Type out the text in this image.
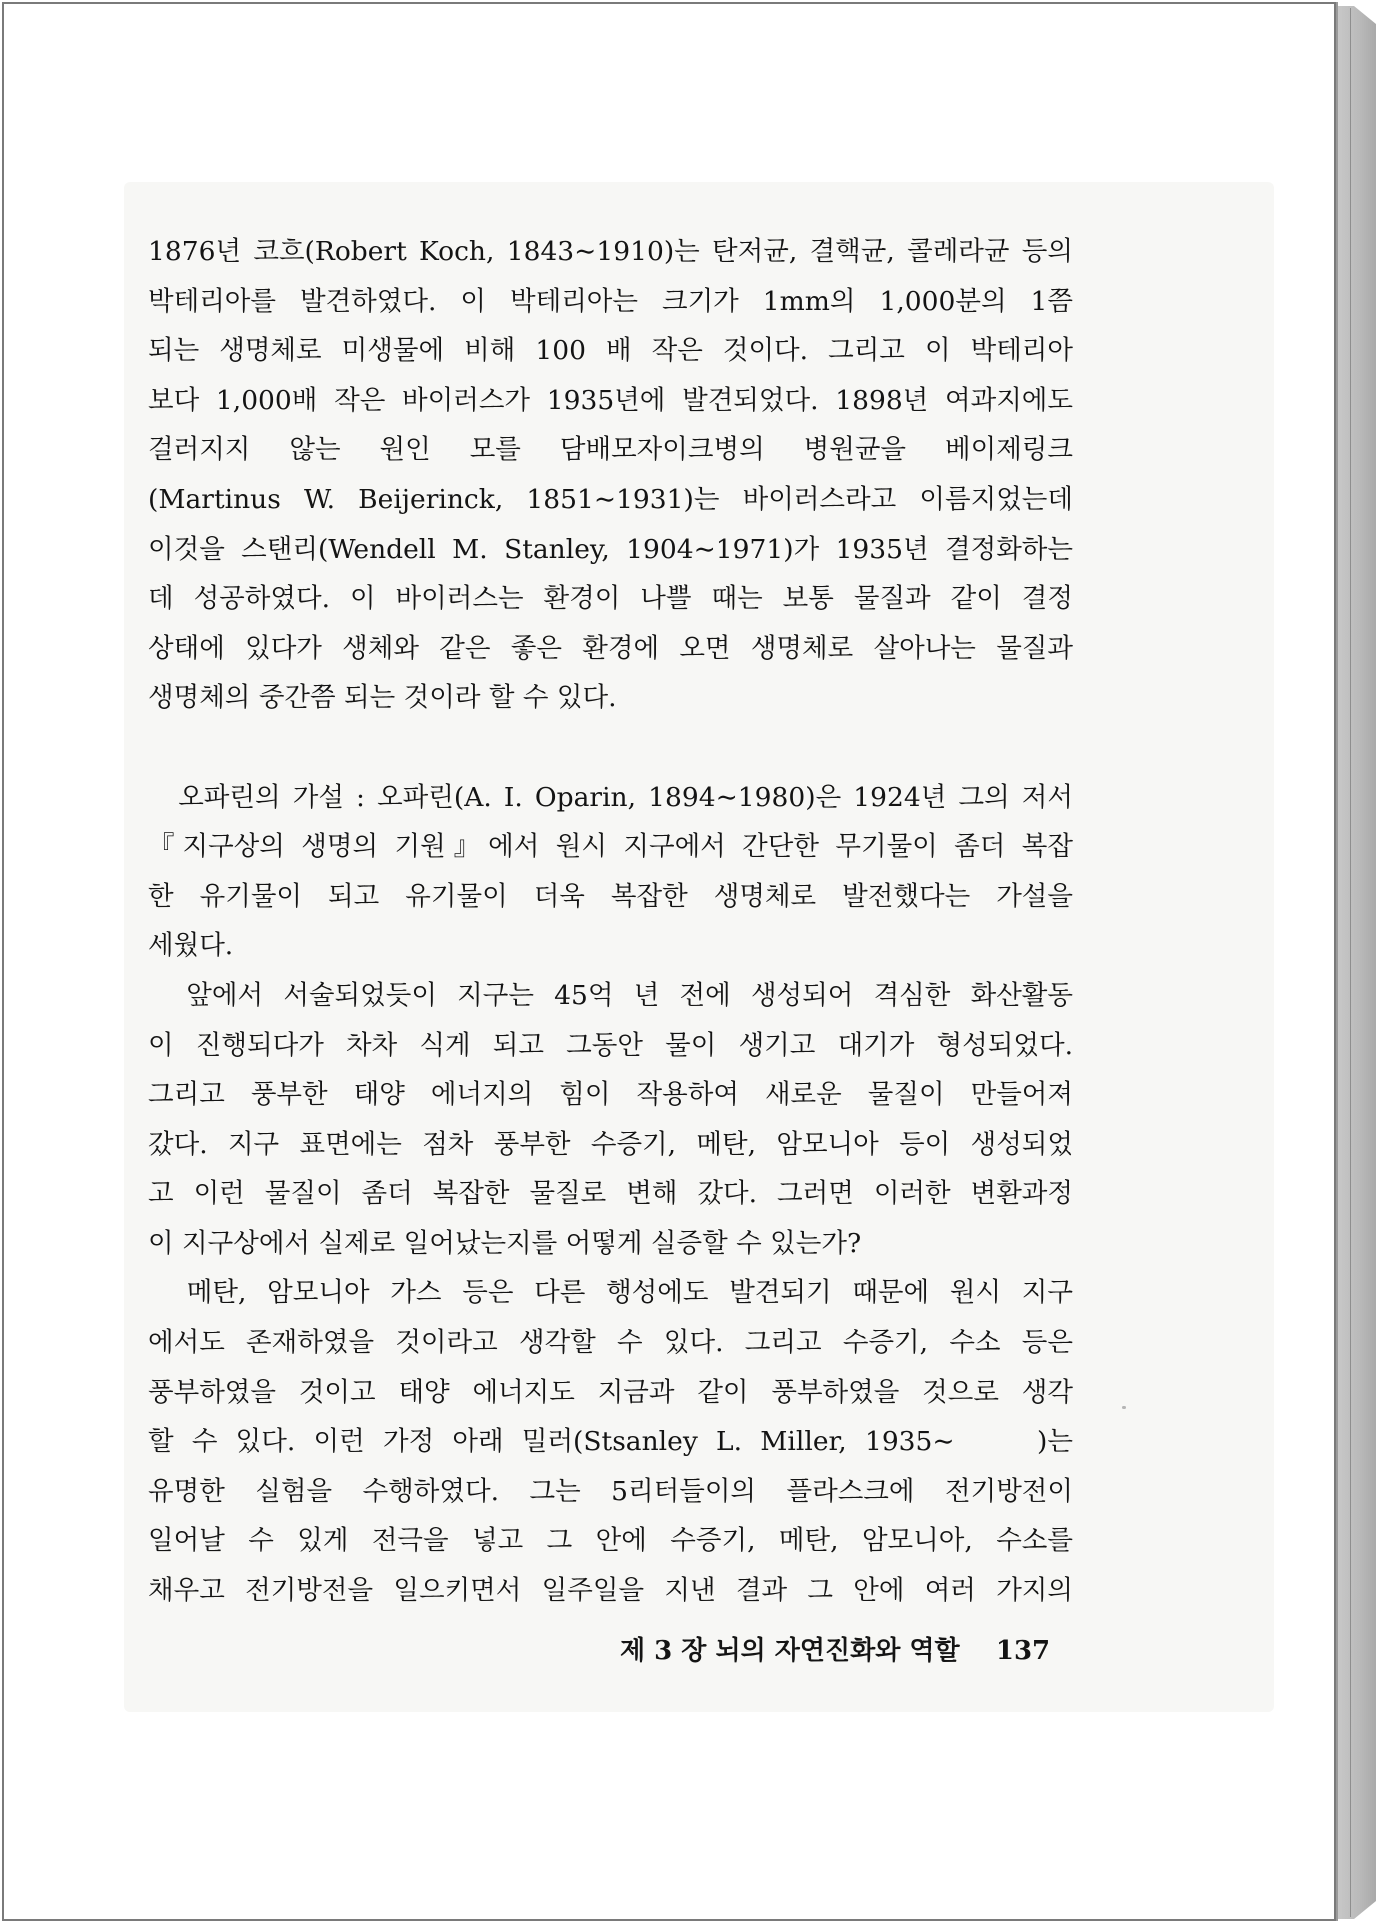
1876년 코흐(Robert Koch, 1843∼1910)는 탄저균, 결핵균, 콜레라균 등의
박테리아를 발견하였다. 이 박테리아는 크기가 1mm의 1,000분의 1쯤
되는 생명체로 미생물에 비해 100 배 작은 것이다. 그리고 이 박테리아
보다 1,000배 작은 바이러스가 1935년에 발견되었다. 1898년 여과지에도
걸러지지 않는 원인 모를 담배모자이크병의 병원균을 베이제링크
(Martinus W. Beijerinck, 1851∼1931)는 바이러스라고 이름지었는데
이것을 스탠리(Wendell M. Stanley, 1904∼1971)가 1935년 결정화하는
데 성공하였다. 이 바이러스는 환경이 나쁠 때는 보통 물질과 같이 결정
상태에 있다가 생체와 같은 좋은 환경에 오면 생명체로 살아나는 물질과
생명체의 중간쯤 되는 것이라 할 수 있다.
　오파린의 가설 : 오파린(A. I. Oparin, 1894∼1980)은 1924년 그의 저서
『지구상의 생명의 기원』에서 원시 지구에서 간단한 무기물이 좀더 복잡
한 유기물이 되고 유기물이 더욱 복잡한 생명체로 발전했다는 가설을
세웠다.
　앞에서 서술되었듯이 지구는 45억 년 전에 생성되어 격심한 화산활동
이 진행되다가 차차 식게 되고 그동안 물이 생기고 대기가 형성되었다.
그리고 풍부한 태양 에너지의 힘이 작용하여 새로운 물질이 만들어져
갔다. 지구 표면에는 점차 풍부한 수증기, 메탄, 암모니아 등이 생성되었
고 이런 물질이 좀더 복잡한 물질로 변해 갔다. 그러면 이러한 변환과정
이 지구상에서 실제로 일어났는지를 어떻게 실증할 수 있는가?
　메탄, 암모니아 가스 등은 다른 행성에도 발견되기 때문에 원시 지구
에서도 존재하였을 것이라고 생각할 수 있다. 그리고 수증기, 수소 등은
풍부하였을 것이고 태양 에너지도 지금과 같이 풍부하였을 것으로 생각
할 수 있다. 이런 가정 아래 밀러(Stsanley L. Miller, 1935∼　　)는
유명한 실험을 수행하였다. 그는 5리터들이의 플라스크에 전기방전이
일어날 수 있게 전극을 넣고 그 안에 수증기, 메탄, 암모니아, 수소를
채우고 전기방전을 일으키면서 일주일을 지낸 결과 그 안에 여러 가지의
제 3 장 뇌의 자연진화와 역할 137
